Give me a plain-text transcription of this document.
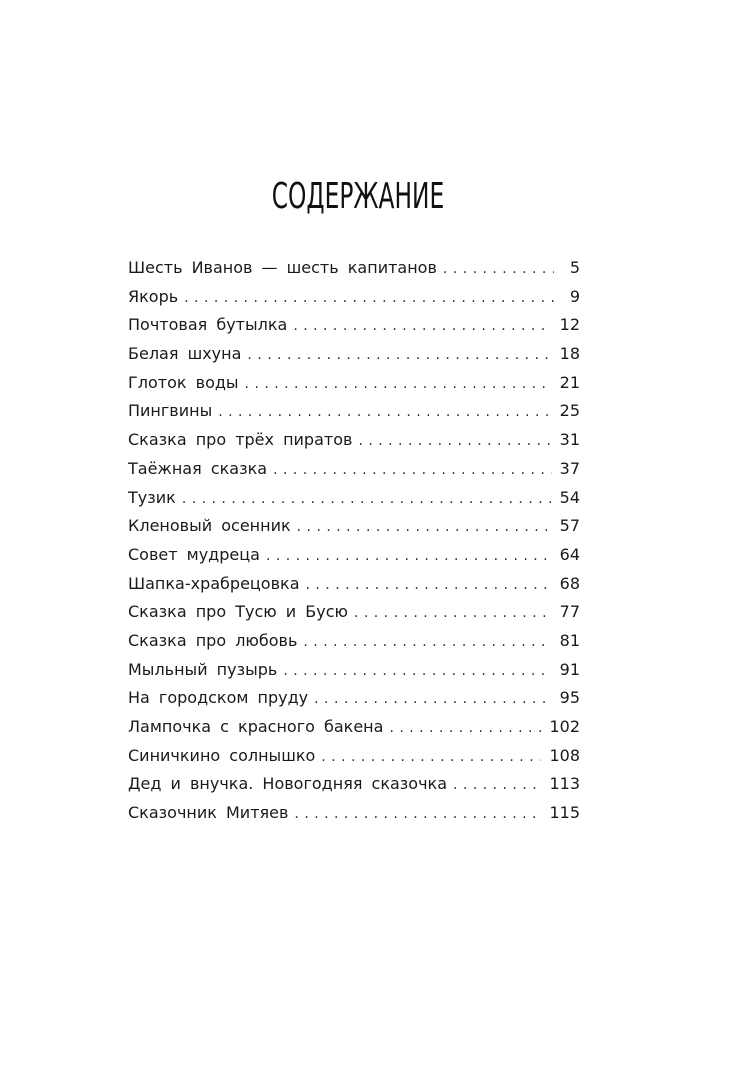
СОДЕРЖАНИЕ
Шесть Иванов — шесть капитанов . . .	5
Якорь . . .	9
Почтовая бутылка . . .	12
Белая шхуна . . .	18
Глоток воды . . .	21
Пингвины . . .	25
Сказка про трёх пиратов . . .	31
Таёжная сказка . . .	37
Тузик . . .	54
Кленовый осенник . . .	57
Совет мудреца . . .	64
Шапка-храбрецовка . . .	68
Сказка про Тусю и Бусю . . .	77
Сказка про любовь . . .	81
Мыльный пузырь . . .	91
На городском пруду . . .	95
Лампочка с красного бакена . . .	102
Синичкино солнышко . . .	108
Дед и внучка. Новогодняя сказочка . . .	113
Сказочник Митяев . . .	115
